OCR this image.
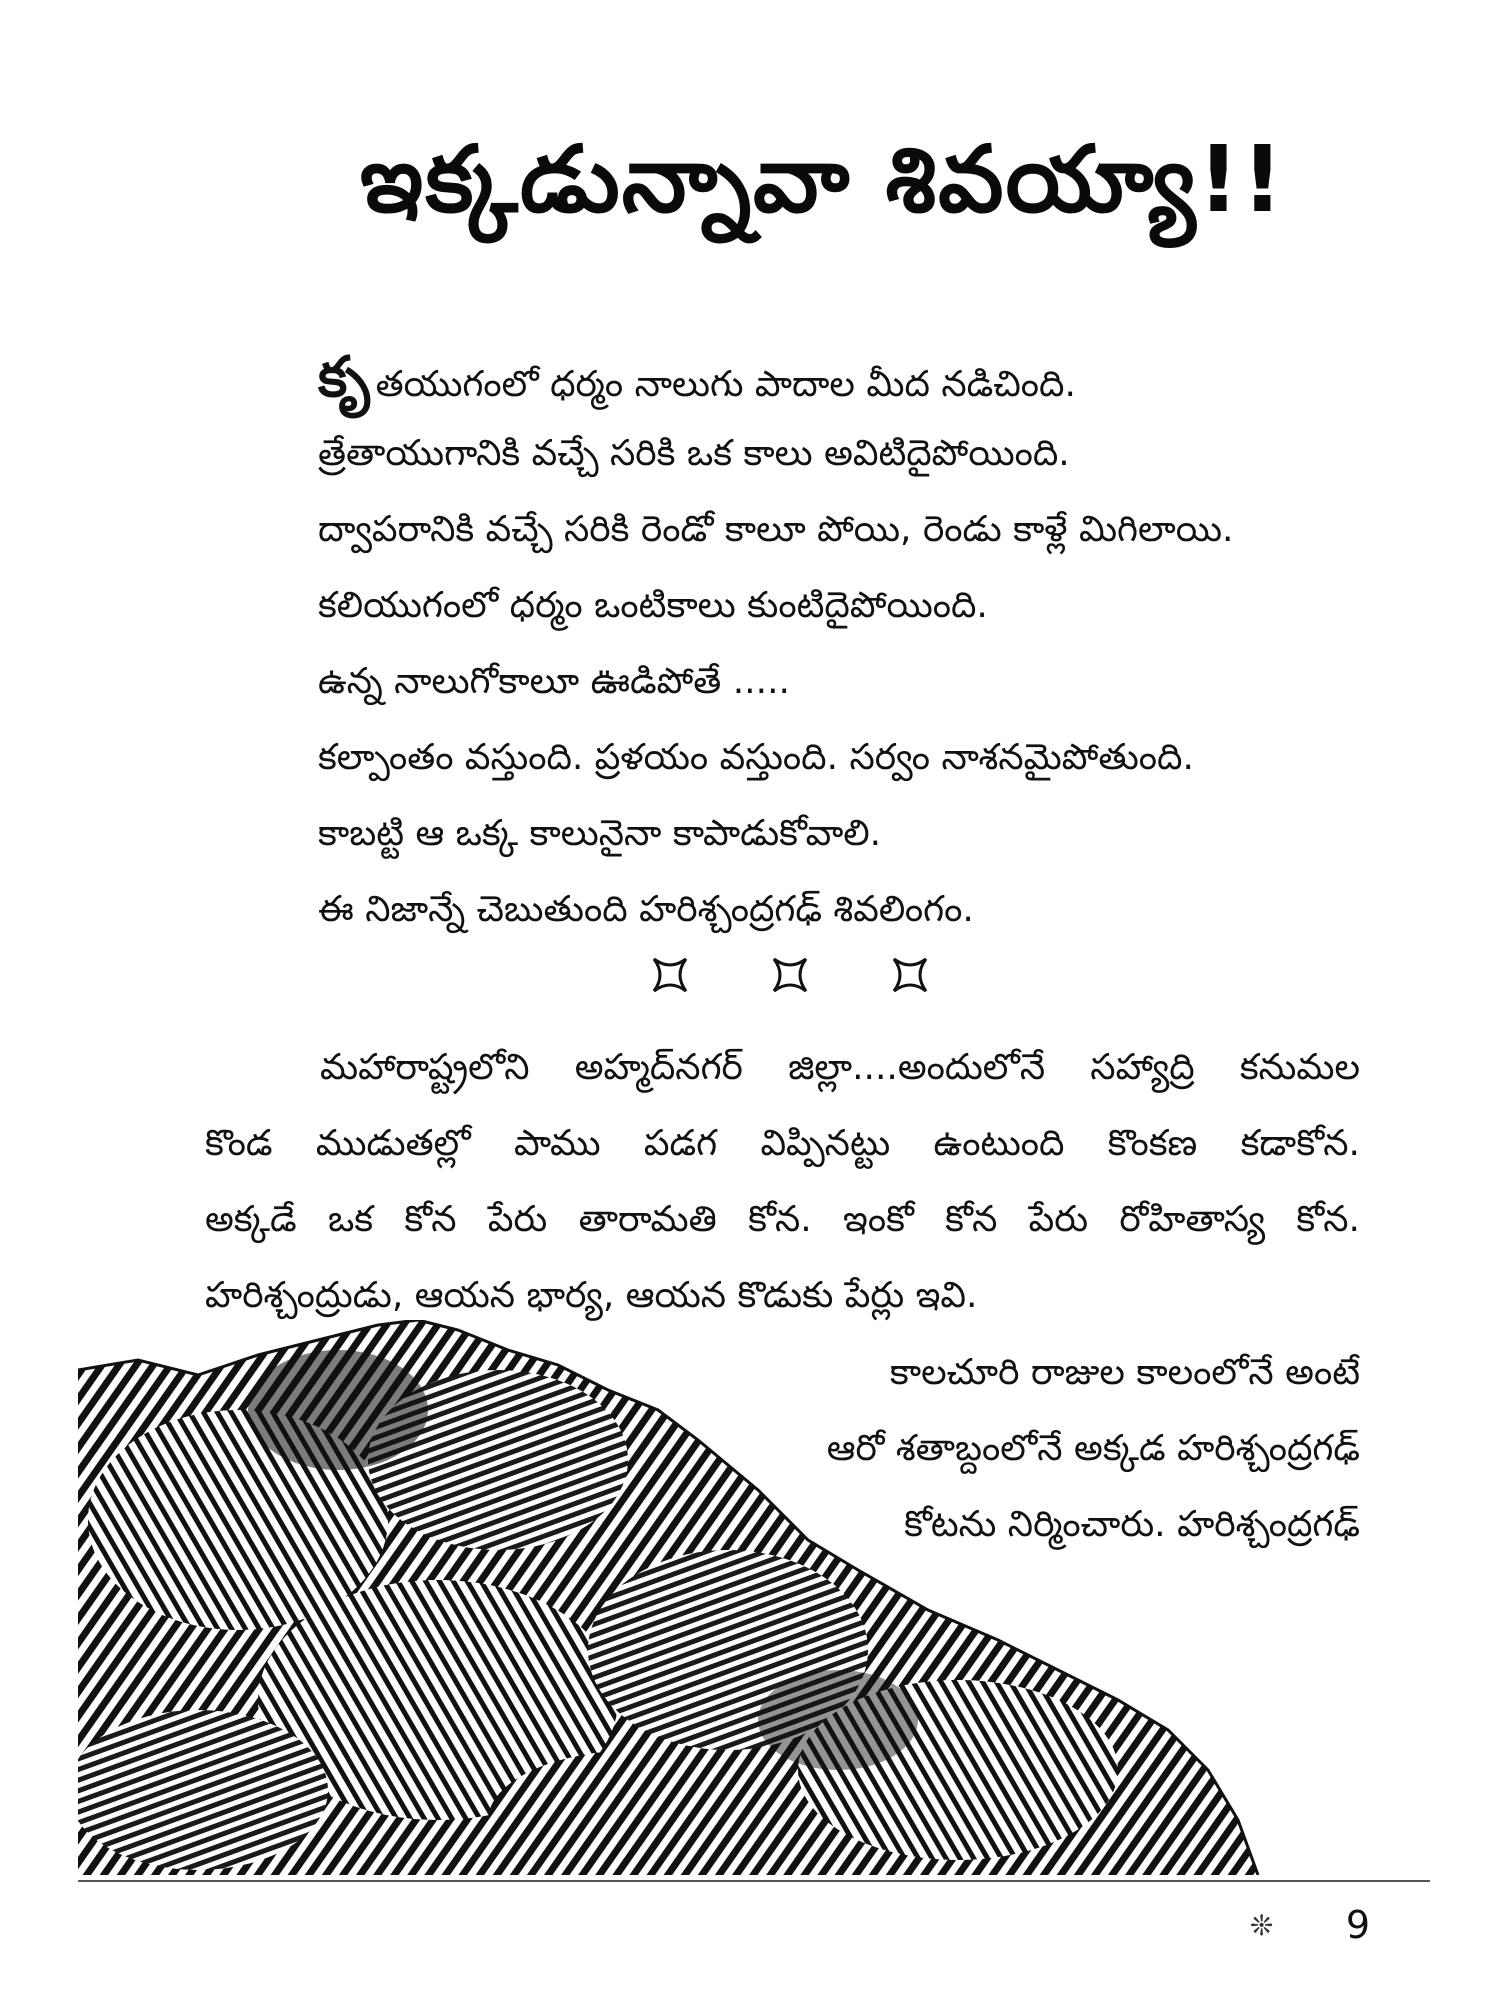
ఇక్కడున్నావా శివయ్యా!!
కృ తయుగంలో ధర్మం నాలుగు పాదాల మీద నడిచింది.
త్రేతాయుగానికి వచ్చే సరికి ఒక కాలు అవిటిదైపోయింది.
ద్వాపరానికి వచ్చే సరికి రెండో కాలూ పోయి, రెండు కాళ్లే మిగిలాయి.
కలియుగంలో ధర్మం ఒంటికాలు కుంటిదైపోయింది.
ఉన్న నాలుగోకాలూ ఊడిపోతే .....
కల్పాంతం వస్తుంది. ప్రళయం వస్తుంది. సర్వం నాశనమైపోతుంది.
కాబట్టి ఆ ఒక్క కాలునైనా కాపాడుకోవాలి.
ఈ నిజాన్నే చెబుతుంది హరిశ్చంద్రగఢ్ శివలింగం.
మహారాష్ట్రలోని అహ్మద్‌నగర్ జిల్లా....అందులోనే సహ్యాద్రి కనుమల
కొండ ముడుతల్లో పాము పడగ విప్పినట్టు ఉంటుంది కొంకణ కడాకోన.
అక్కడే ఒక కోన పేరు తారామతి కోన. ఇంకో కోన పేరు రోహితాస్య కోన.
హరిశ్చంద్రుడు, ఆయన భార్య, ఆయన కొడుకు పేర్లు ఇవి.
కాలచూరి రాజుల కాలంలోనే అంటే
ఆరో శతాబ్దంలోనే అక్కడ హరిశ్చంద్రగఢ్
కోటను నిర్మించారు. హరిశ్చంద్రగఢ్
❊ 9
